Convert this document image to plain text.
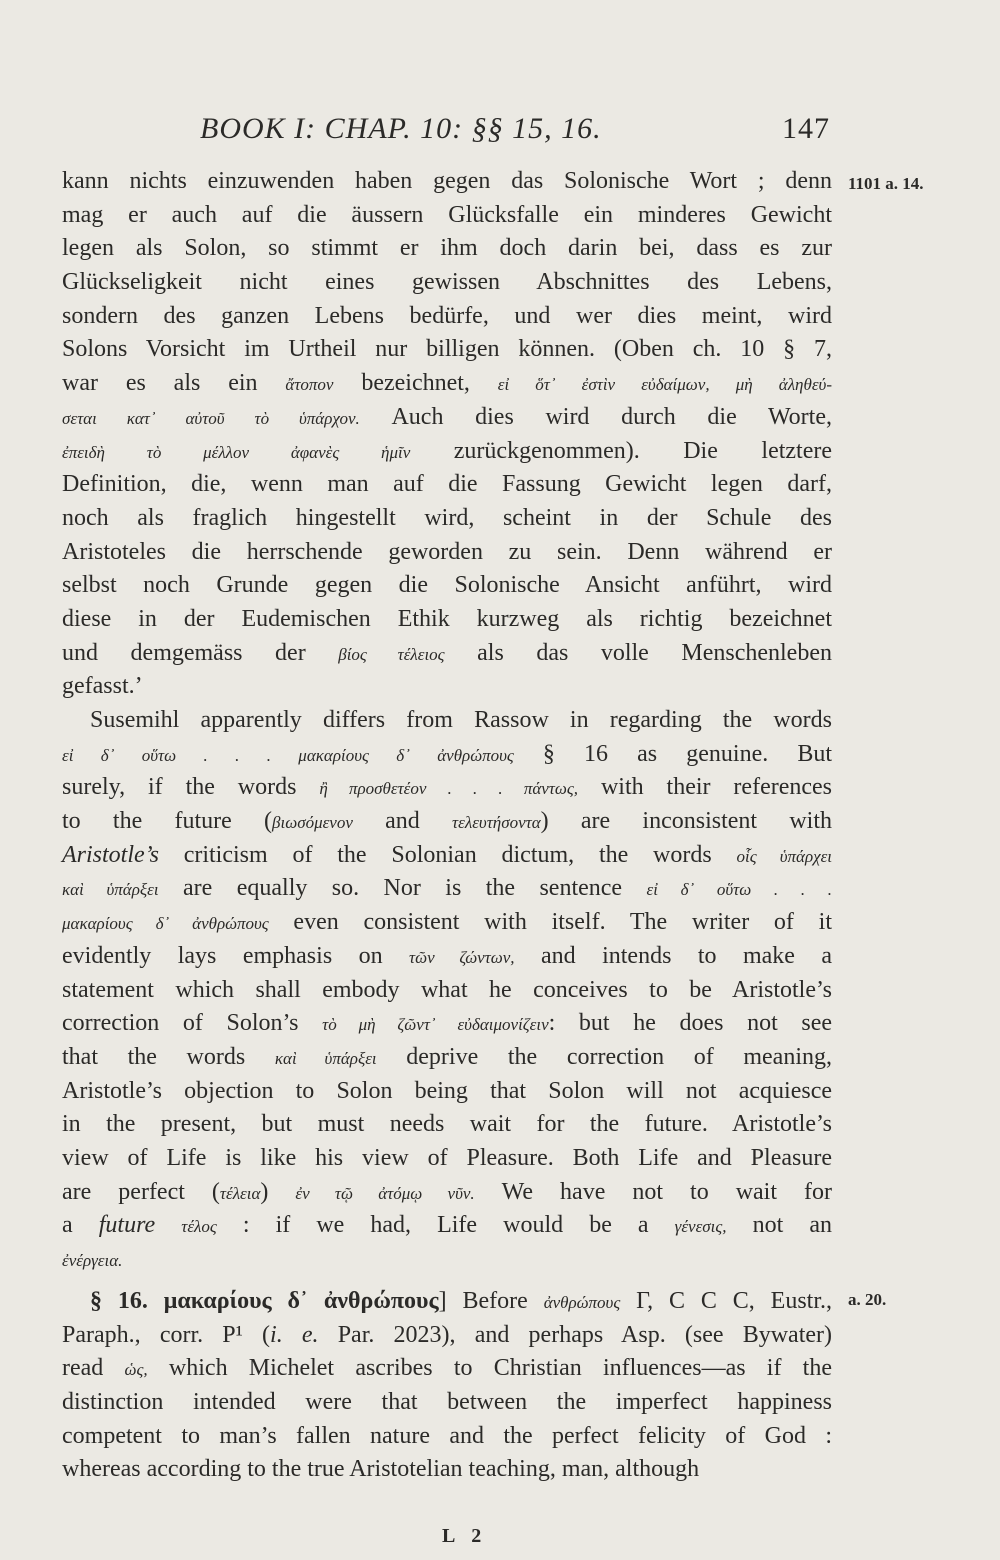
BOOK I: CHAP. 10: §§ 15, 16.	147
kann nichts einzuwenden haben gegen das Solonische Wort ; denn
mag er auch auf die äussern Glücksfalle ein minderes Gewicht
legen als Solon, so stimmt er ihm doch darin bei, dass es zur
Glückseligkeit nicht eines gewissen Abschnittes des Lebens,
sondern des ganzen Lebens bedürfe, und wer dies meint, wird
Solons Vorsicht im Urtheil nur billigen können. (Oben ch. 10 § 7,
war es als ein ἄτοπον bezeichnet, εἰ ὅτ᾽ ἐστὶν εὐδαίμων, μὴ ἀληθεύ-
σεται κατ᾽ αὐτοῦ τὸ ὑπάρχον. Auch dies wird durch die Worte,
ἐπειδὴ τὸ μέλλον ἀφανὲς ἡμῖν zurückgenommen). Die letztere
Definition, die, wenn man auf die Fassung Gewicht legen darf,
noch als fraglich hingestellt wird, scheint in der Schule des
Aristoteles die herrschende geworden zu sein. Denn während er
selbst noch Grunde gegen die Solonische Ansicht anführt, wird
diese in der Eudemischen Ethik kurzweg als richtig bezeichnet
und demgemäss der βίος τέλειος als das volle Menschenleben
gefasst.’
Susemihl apparently differs from Rassow in regarding the words
εἰ δ᾽ οὕτω . . . μακαρίους δ᾽ ἀνθρώπους § 16 as genuine. But
surely, if the words ἢ προσθετέον . . . πάντως, with their references
to the future (βιωσόμενον and τελευτήσοντα) are inconsistent with
Aristotle’s criticism of the Solonian dictum, the words οἷς ὑπάρχει
καὶ ὑπάρξει are equally so. Nor is the sentence εἰ δ᾽ οὕτω . . .
μακαρίους δ᾽ ἀνθρώπους even consistent with itself. The writer of it
evidently lays emphasis on τῶν ζώντων, and intends to make a
statement which shall embody what he conceives to be Aristotle’s
correction of Solon’s τὸ μὴ ζῶντ᾽ εὐδαιμονίζειν: but he does not see
that the words καὶ ὑπάρξει deprive the correction of meaning,
Aristotle’s objection to Solon being that Solon will not acquiesce
in the present, but must needs wait for the future. Aristotle’s
view of Life is like his view of Pleasure. Both Life and Pleasure
are perfect (τέλεια) ἐν τῷ ἀτόμῳ νῦν. We have not to wait for
a future τέλος : if we had, Life would be a γένεσις, not an
ἐνέργεια.
§ 16. μακαρίους δ᾽ ἀνθρώπους] Before ἀνθρώπους Γ, C C C, Eustr.,
Paraph., corr. P¹ (i. e. Par. 2023), and perhaps Asp. (see Bywater)
read ὡς, which Michelet ascribes to Christian influences—as if the
distinction intended were that between the imperfect happiness
competent to man’s fallen nature and the perfect felicity of God :
whereas according to the true Aristotelian teaching, man, although
1101 a. 14.
a. 20.
L 2
